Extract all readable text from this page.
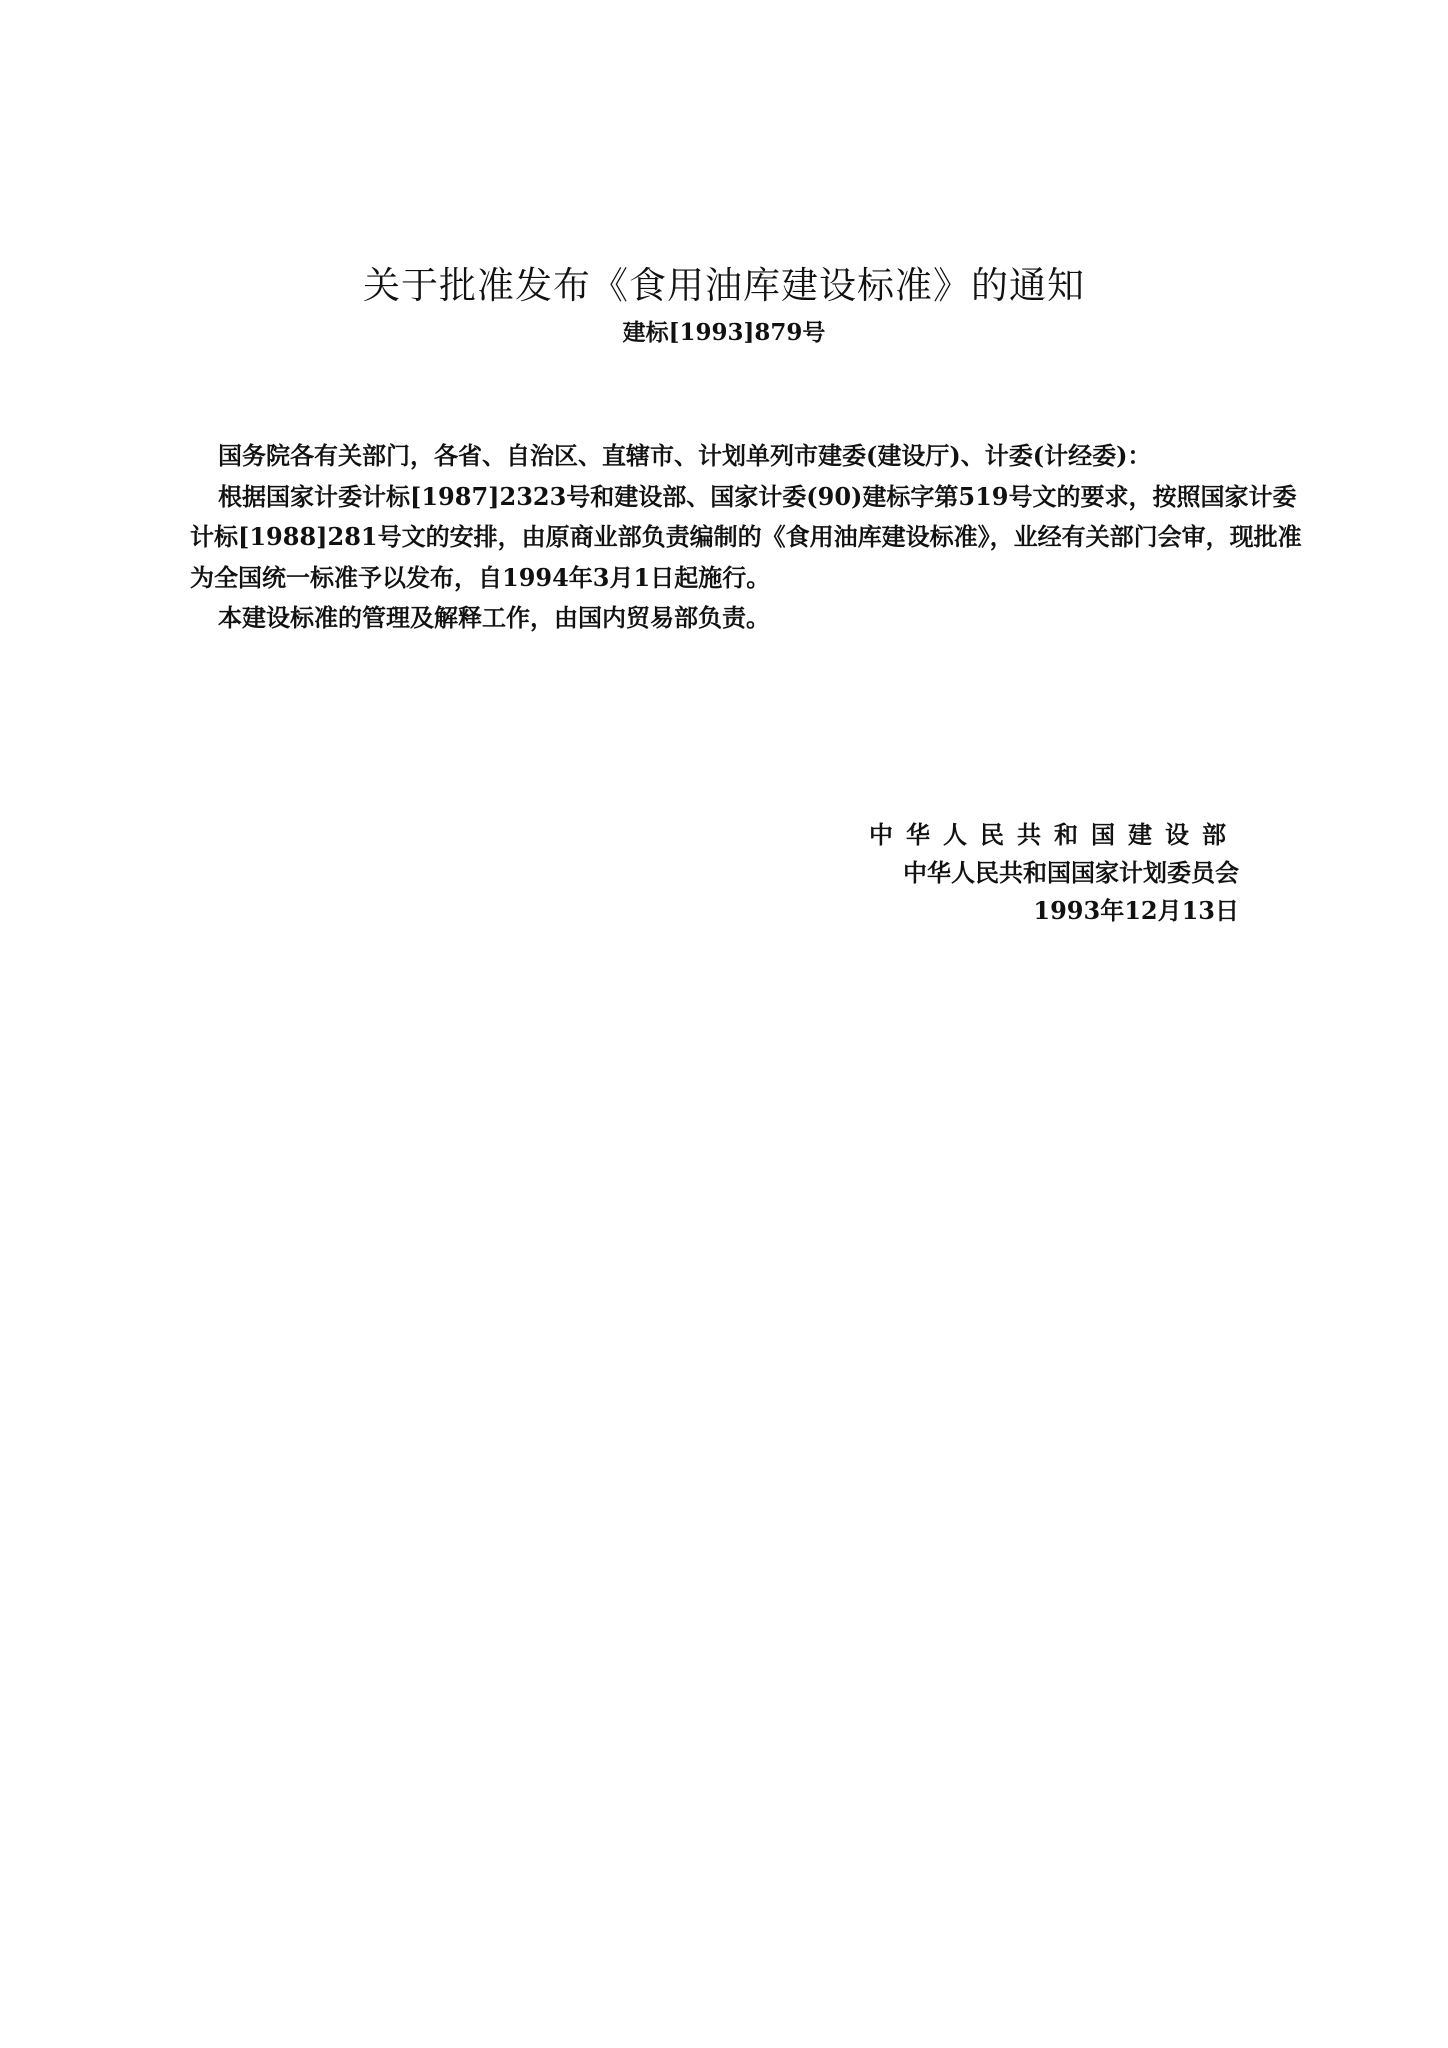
关于批准发布《食用油库建设标准》的通知
建标[1993]879号

国务院各有关部门，各省、自治区、直辖市、计划单列市建委(建设厅)、计委(计经委)：

根据国家计委计标[1987]2323号和建设部、国家计委(90)建标字第519号文的要求，按照国家计委计标[1988]281号文的安排，由原商业部负责编制的《食用油库建设标准》，业经有关部门会审，现批准为全国统一标准予以发布，自1994年3月1日起施行。

本建设标准的管理及解释工作，由国内贸易部负责。

中华人民共和国建设部

中华人民共和国国家计划委员会

1993年12月13日
